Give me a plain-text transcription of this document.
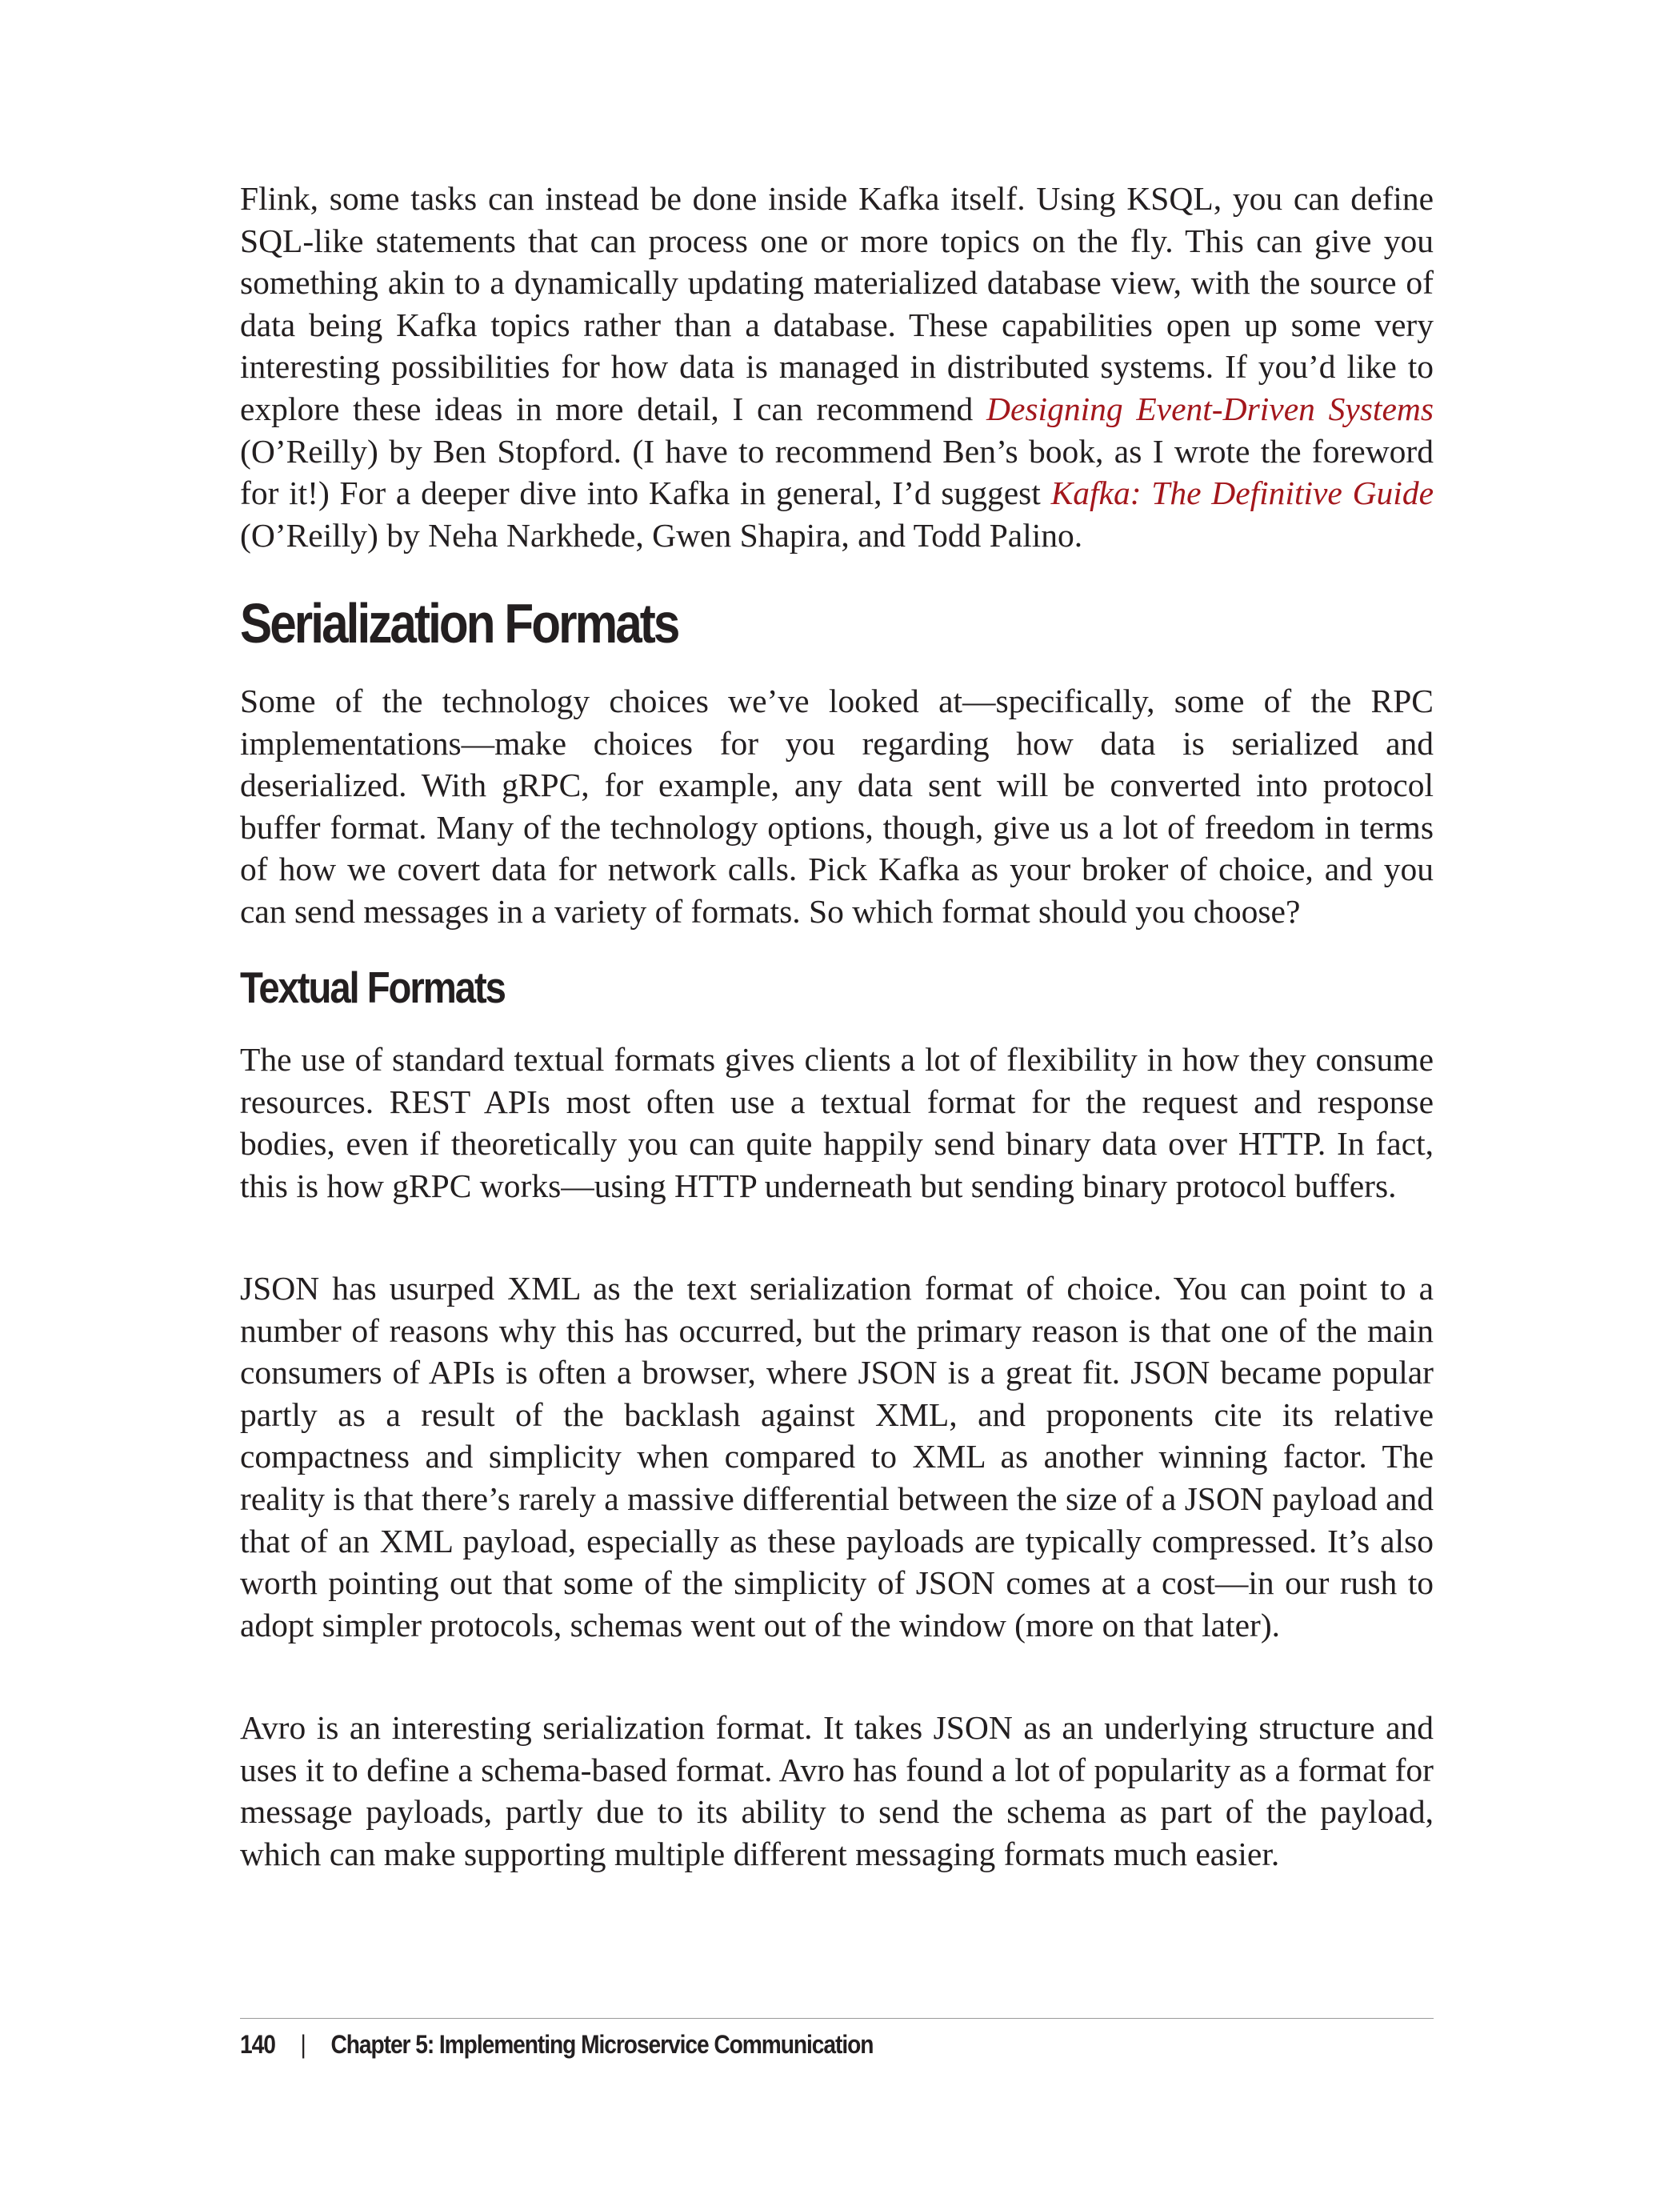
Flink, some tasks can instead be done inside Kafka itself. Using KSQL, you can define SQL-like statements that can process one or more topics on the fly. This can give you something akin to a dynamically updating materialized database view, with the source of data being Kafka topics rather than a database. These capabilities open up some very interesting possibilities for how data is managed in distributed systems. If you’d like to explore these ideas in more detail, I can recommend Designing Event-Driven Systems (O’Reilly) by Ben Stopford. (I have to recommend Ben’s book, as I wrote the foreword for it!) For a deeper dive into Kafka in general, I’d suggest Kafka: The Definitive Guide (O’Reilly) by Neha Narkhede, Gwen Shapira, and Todd Palino.

Serialization Formats

Some of the technology choices we’ve looked at—specifically, some of the RPC implementations—make choices for you regarding how data is serialized and deserialized. With gRPC, for example, any data sent will be converted into protocol buffer format. Many of the technology options, though, give us a lot of freedom in terms of how we covert data for network calls. Pick Kafka as your broker of choice, and you can send messages in a variety of formats. So which format should you choose?

Textual Formats

The use of standard textual formats gives clients a lot of flexibility in how they consume resources. REST APIs most often use a textual format for the request and response bodies, even if theoretically you can quite happily send binary data over HTTP. In fact, this is how gRPC works—using HTTP underneath but sending binary protocol buffers.

JSON has usurped XML as the text serialization format of choice. You can point to a number of reasons why this has occurred, but the primary reason is that one of the main consumers of APIs is often a browser, where JSON is a great fit. JSON became popular partly as a result of the backlash against XML, and proponents cite its relative compactness and simplicity when compared to XML as another winning factor. The reality is that there’s rarely a massive differential between the size of a JSON payload and that of an XML payload, especially as these payloads are typically compressed. It’s also worth pointing out that some of the simplicity of JSON comes at a cost—in our rush to adopt simpler protocols, schemas went out of the window (more on that later).

Avro is an interesting serialization format. It takes JSON as an underlying structure and uses it to define a schema-based format. Avro has found a lot of popularity as a format for message payloads, partly due to its ability to send the schema as part of the payload, which can make supporting multiple different messaging formats much easier.

140 | Chapter 5: Implementing Microservice Communication
